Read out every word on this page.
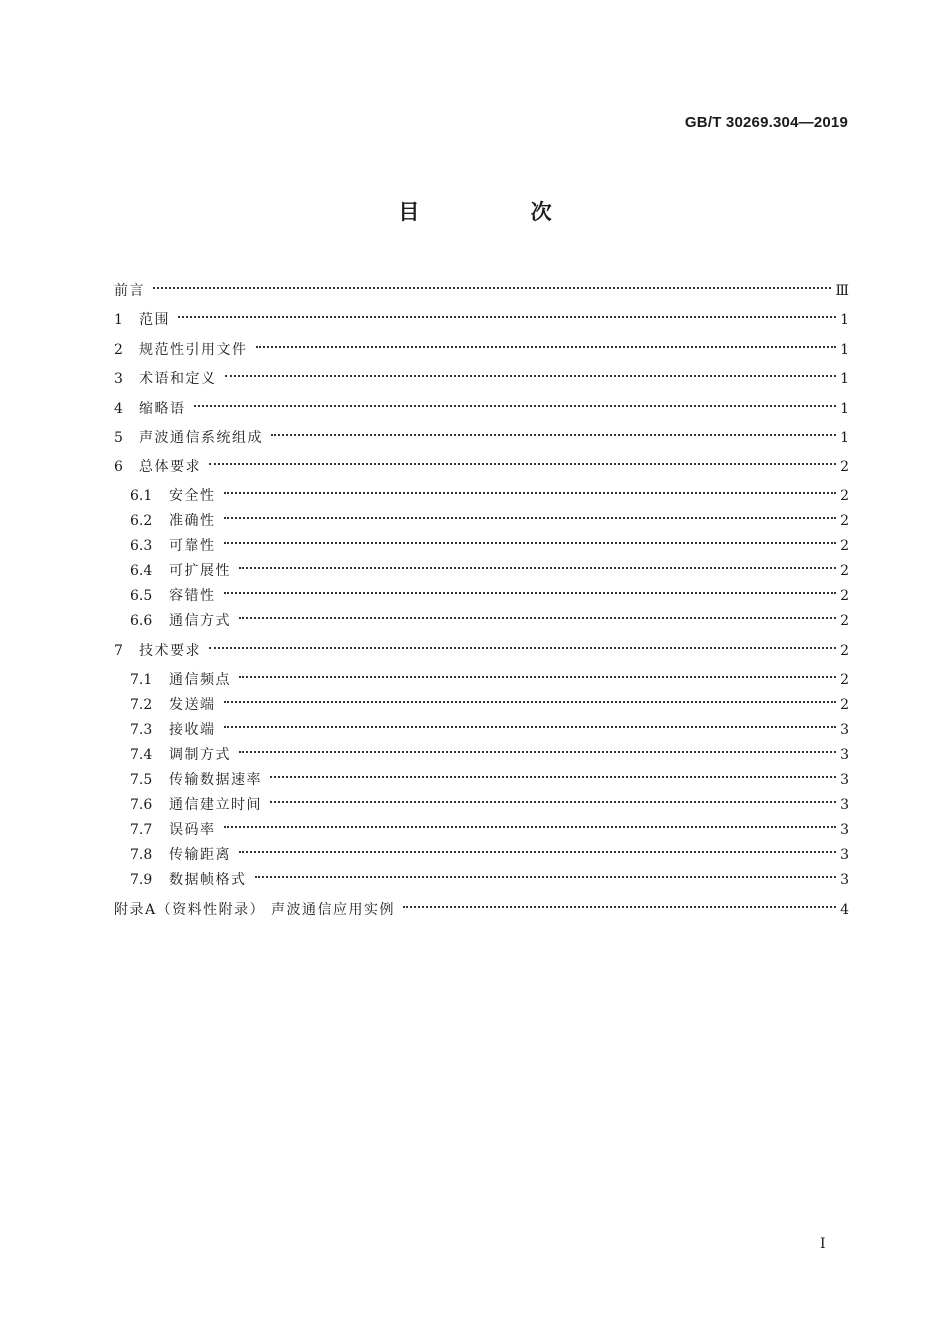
GB/T 30269.304—2019
目 次
前言	Ⅲ
1	范围	1
2	规范性引用文件	1
3	术语和定义	1
4	缩略语	1
5	声波通信系统组成	1
6	总体要求	2
6.1	安全性	2
6.2	准确性	2
6.3	可靠性	2
6.4	可扩展性	2
6.5	容错性	2
6.6	通信方式	2
7	技术要求	2
7.1	通信频点	2
7.2	发送端	2
7.3	接收端	3
7.4	调制方式	3
7.5	传输数据速率	3
7.6	通信建立时间	3
7.7	误码率	3
7.8	传输距离	3
7.9	数据帧格式	3
附录A（资料性附录） 声波通信应用实例	4
I
